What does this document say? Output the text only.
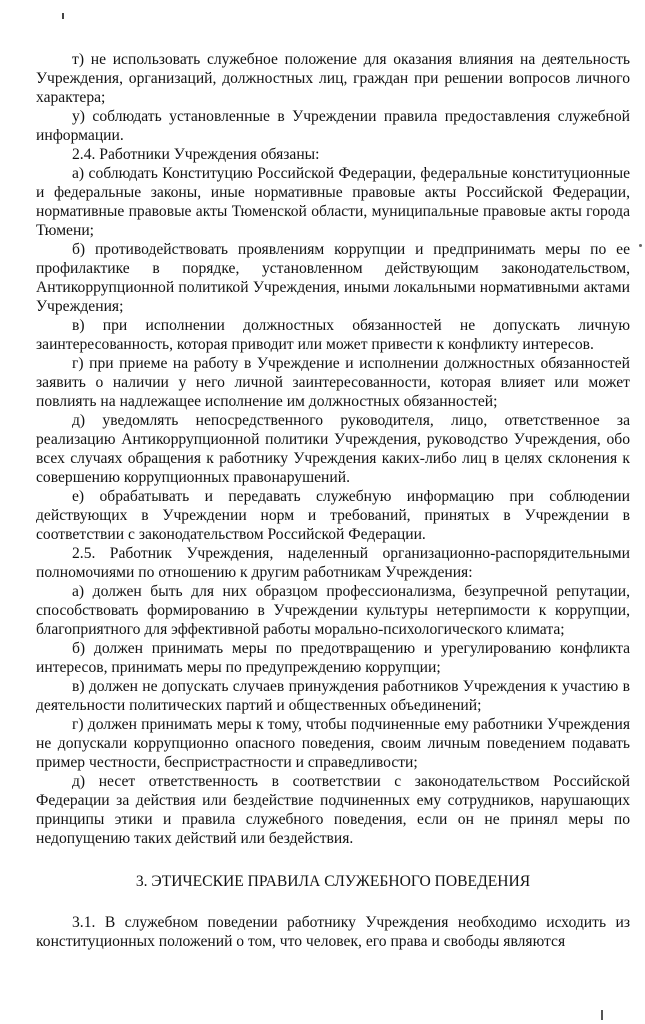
т) не использовать служебное положение для оказания влияния на деятельность Учреждения, организаций, должностных лиц, граждан при решении вопросов личного характера;

у) соблюдать установленные в Учреждении правила предоставления служебной информации.

2.4. Работники Учреждения обязаны:

а) соблюдать Конституцию Российской Федерации, федеральные конституционные и федеральные законы, иные нормативные правовые акты Российской Федерации, нормативные правовые акты Тюменской области, муниципальные правовые акты города Тюмени;

б) противодействовать проявлениям коррупции и предпринимать меры по ее профилактике в порядке, установленном действующим законодательством, Антикоррупционной политикой Учреждения, иными локальными нормативными актами Учреждения;

в) при исполнении должностных обязанностей не допускать личную заинтересованность, которая приводит или может привести к конфликту интересов.

г) при приеме на работу в Учреждение и исполнении должностных обязанностей заявить о наличии у него личной заинтересованности, которая влияет или может повлиять на надлежащее исполнение им должностных обязанностей;

д) уведомлять непосредственного руководителя, лицо, ответственное за реализацию Антикоррупционной политики Учреждения, руководство Учреждения, обо всех случаях обращения к работнику Учреждения каких-либо лиц в целях склонения к совершению коррупционных правонарушений.

е) обрабатывать и передавать служебную информацию при соблюдении действующих в Учреждении норм и требований, принятых в Учреждении в соответствии с законодательством Российской Федерации.

2.5. Работник Учреждения, наделенный организационно-распорядительными полномочиями по отношению к другим работникам Учреждения:

а) должен быть для них образцом профессионализма, безупречной репутации, способствовать формированию в Учреждении культуры нетерпимости к коррупции, благоприятного для эффективной работы морально-психологического климата;

б) должен принимать меры по предотвращению и урегулированию конфликта интересов, принимать меры по предупреждению коррупции;

в) должен не допускать случаев принуждения работников Учреждения к участию в деятельности политических партий и общественных объединений;

г) должен принимать меры к тому, чтобы подчиненные ему работники Учреждения не допускали коррупционно опасного поведения, своим личным поведением подавать пример честности, беспристрастности и справедливости;

д) несет ответственность в соответствии с законодательством Российской Федерации за действия или бездействие подчиненных ему сотрудников, нарушающих принципы этики и правила служебного поведения, если он не принял меры по недопущению таких действий или бездействия.

3. ЭТИЧЕСКИЕ ПРАВИЛА СЛУЖЕБНОГО ПОВЕДЕНИЯ

3.1. В служебном поведении работнику Учреждения необходимо исходить из конституционных положений о том, что человек, его права и свободы являются
